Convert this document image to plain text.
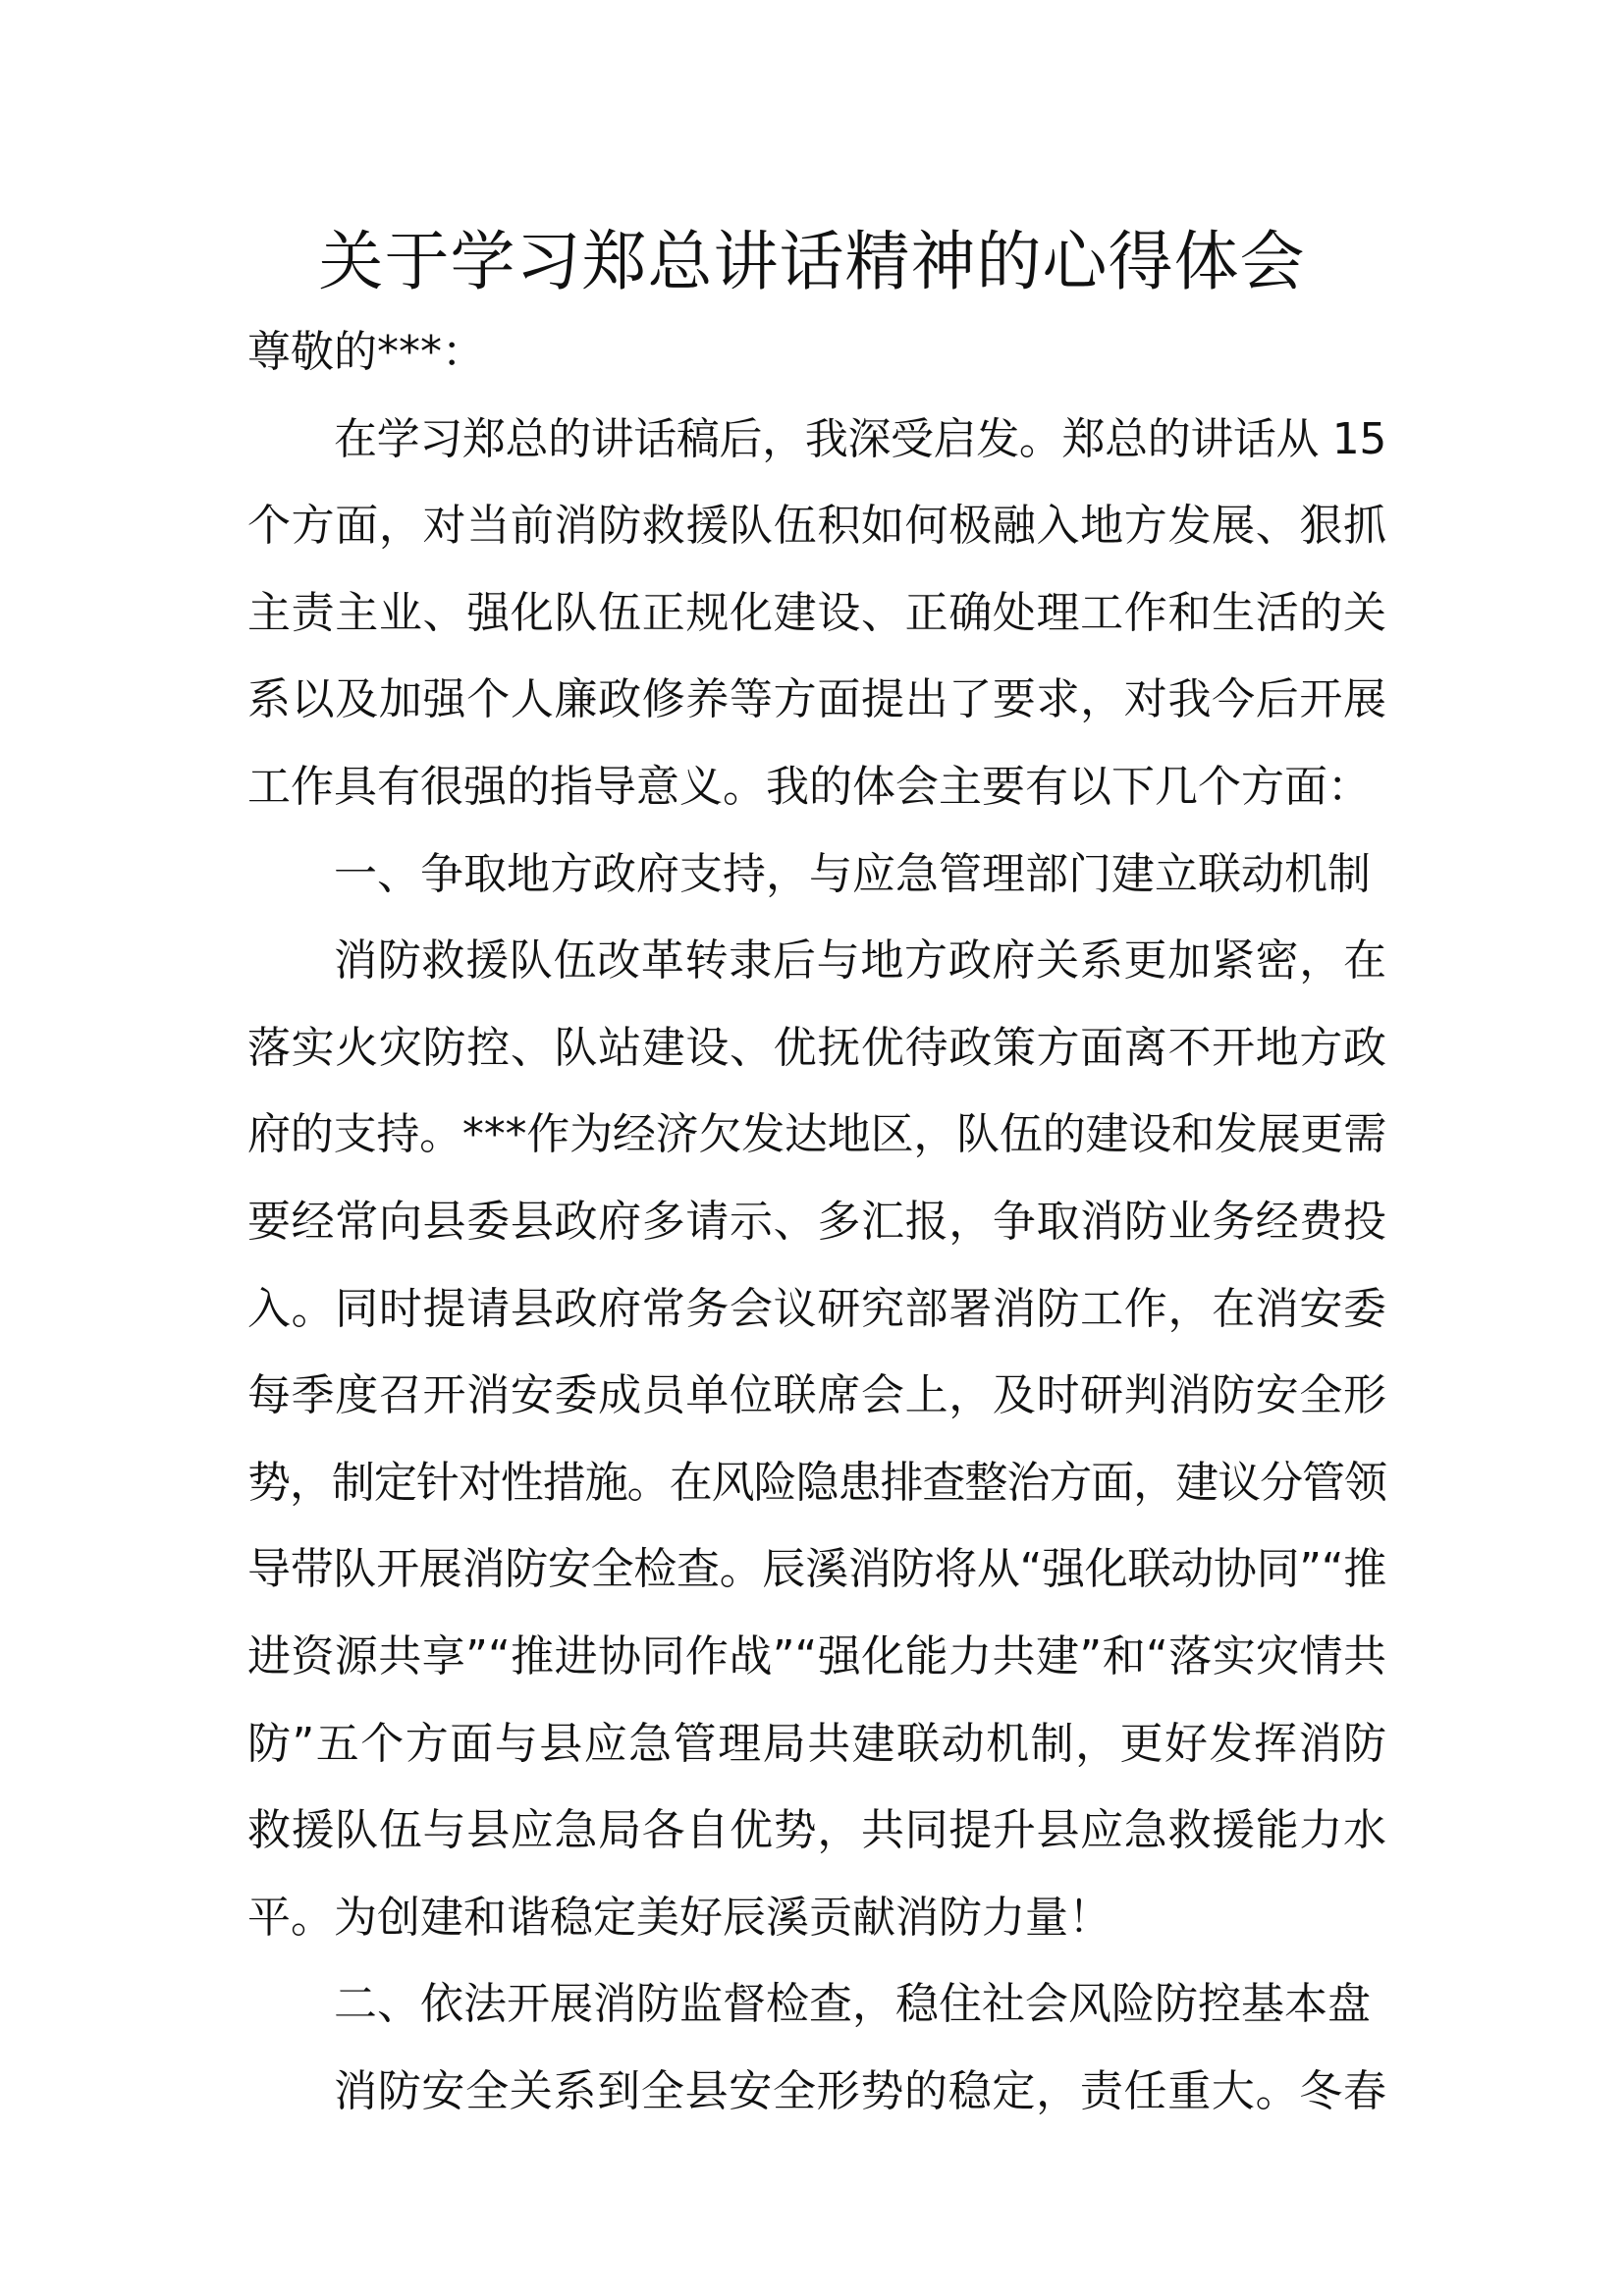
关于学习郑总讲话精神的心得体会
尊敬的***：
在学习郑总的讲话稿后，我深受启发。郑总的讲话从 15
个方面，对当前消防救援队伍积如何极融入地方发展、狠抓
主责主业、强化队伍正规化建设、正确处理工作和生活的关
系以及加强个人廉政修养等方面提出了要求，对我今后开展
工作具有很强的指导意义。我的体会主要有以下几个方面：
一、争取地方政府支持，与应急管理部门建立联动机制
消防救援队伍改革转隶后与地方政府关系更加紧密，在
落实火灾防控、队站建设、优抚优待政策方面离不开地方政
府的支持。***作为经济欠发达地区，队伍的建设和发展更需
要经常向县委县政府多请示、多汇报，争取消防业务经费投
入。同时提请县政府常务会议研究部署消防工作，在消安委
每季度召开消安委成员单位联席会上，及时研判消防安全形
势，制定针对性措施。在风险隐患排查整治方面，建议分管领
导带队开展消防安全检查。辰溪消防将从“强化联动协同”“推
进资源共享”“推进协同作战”“强化能力共建”和“落实灾情共
防”五个方面与县应急管理局共建联动机制，更好发挥消防
救援队伍与县应急局各自优势，共同提升县应急救援能力水
平。为创建和谐稳定美好辰溪贡献消防力量！
二、依法开展消防监督检查，稳住社会风险防控基本盘
消防安全关系到全县安全形势的稳定，责任重大。冬春
